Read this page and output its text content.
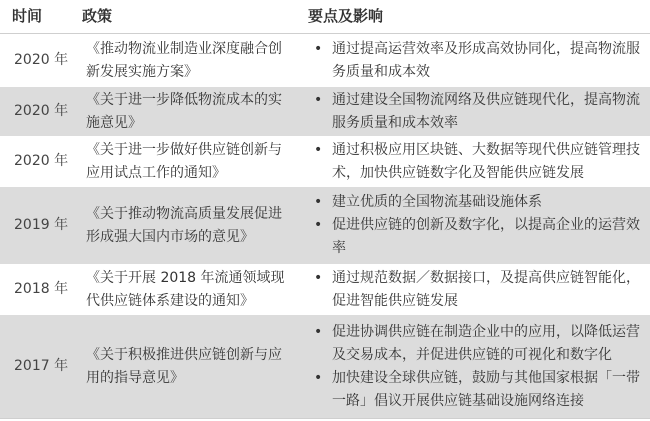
时间	政策	要点及影响
2020 年
《推动物流业制造业深度融合创新发展实施方案》
• 通过提高运营效率及形成高效协同化，提高物流服务质量和成本效
2020 年
《关于进一步降低物流成本的实施意见》
• 通过建设全国物流网络及供应链现代化，提高物流服务质量和成本效率
2020 年
《关于进一步做好供应链创新与应用试点工作的通知》
• 通过积极应用区块链、大数据等现代供应链管理技术，加快供应链数字化及智能供应链发展
2019 年
《关于推动物流高质量发展促进形成强大国内市场的意见》
• 建立优质的全国物流基础设施体系
• 促进供应链的创新及数字化，以提高企业的运营效率
2018 年
《关于开展 2018 年流通领域现代供应链体系建设的通知》
• 通过规范数据／数据接口，及提高供应链智能化，促进智能供应链发展
2017 年
《关于积极推进供应链创新与应用的指导意见》
• 促进协调供应链在制造企业中的应用，以降低运营及交易成本，并促进供应链的可视化和数字化
• 加快建设全球供应链，鼓励与其他国家根据「一带一路」倡议开展供应链基础设施网络连接
